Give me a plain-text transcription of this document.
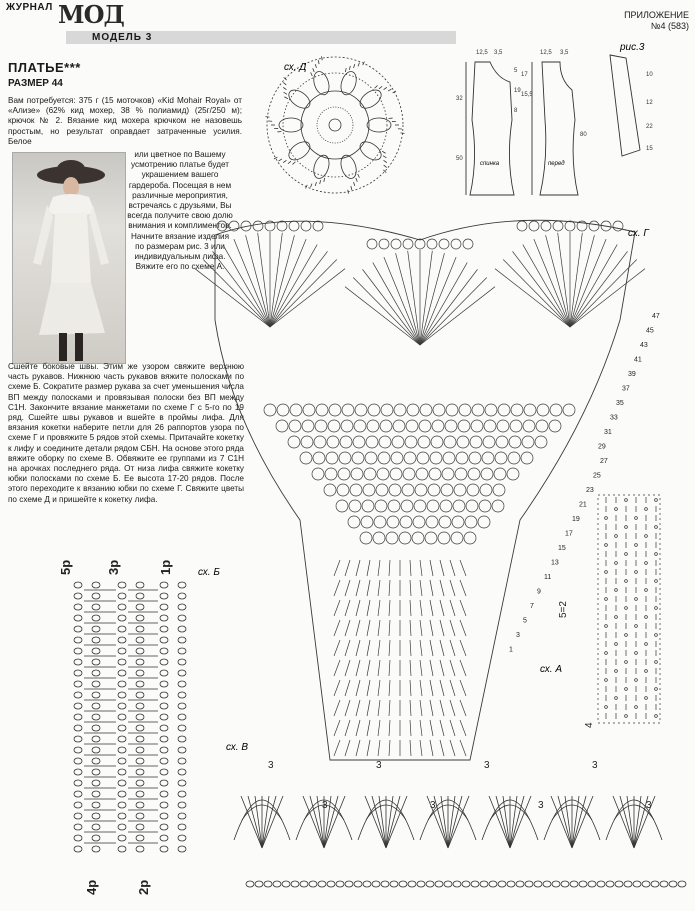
ЖУРНАЛ МОД
МОДЕЛЬ 3
ПРИЛОЖЕНИЕ
№4 (583)
ПЛАТЬЕ***
РАЗМЕР 44
Вам потребуется: 375 г (15 моточков) «Kid Mohair Royal» от «Ализе» (62% кид мохер, 38 % полиамид) (25г/250 м); крючок № 2. Вязание кид мохера крючком не назовешь простым, но результат оправдает затраченные усилия. Белое
или цветное по Вашему усмотрению платье будет украшением вашего гардероба. Посещая в нем различные мероприятия, встречаясь с друзьями, Вы всегда получите свою долю внимания и комплиментов. Начните вязание изделия по размерам рис. 3 или индивидуальным лифа. Вяжите его по схеме А.
Сшейте боковые швы. Этим же узором свяжите верхнюю часть рукавов. Нижнюю часть рукавов вяжите полосками по схеме Б. Сократите размер рукава за счет уменьшения числа ВП между полосками и провязывая полоски без ВП между С1Н. Закончите вязание манжетами по схеме Г с 5-го по 19 ряд. Сшейте швы рукавов и вшейте в проймы лифа. Для вязания кокетки наберите петли для 26 раппортов узора по схеме Г и провяжите 5 рядов этой схемы. Притачайте кокетку к лифу и соедините детали рядом СБН. На основе этого ряда вяжите оборку по схеме В. Обвяжите ее группами из 7 С1Н на арочках последнего ряда. От низа лифа свяжите кокетку юбки полосками по схеме Б. Ее высота 17-20 рядов. После этого переходите к вязанию юбки по схеме Г. Свяжите цветы по схеме Д и пришейте к кокетку лифа.
сх. Д
рис.3
спинка	перед
12,5 3,5
5
19
8
32
50
12,5 3,5
17
15,5
80
10
12
22
15
сх. Г
47
45
43
41
39
37
35
33
31
29
27
25
23
21
19
17
15
13
11
9
7
5
3
1
сх. Б
5р	3р	1р
4р	2р
сх. А
5=2
4
сх. В
3
3
3
3
3
3
3
3
